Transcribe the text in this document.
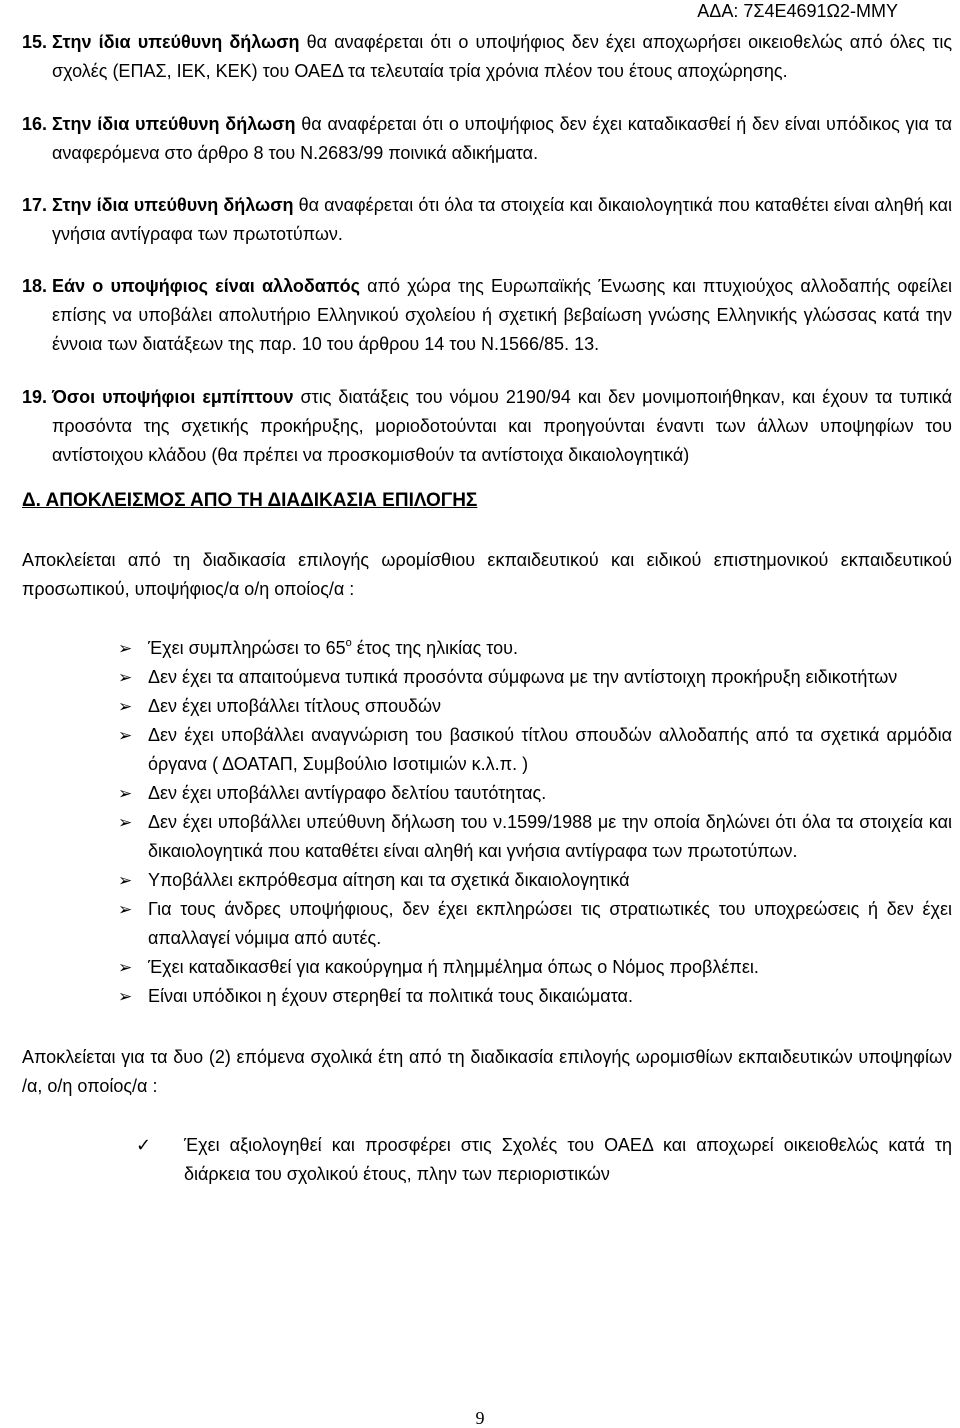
ΑΔΑ: 7Σ4Ε4691Ω2-ΜΜΥ

15. Στην ίδια υπεύθυνη δήλωση θα αναφέρεται ότι ο υποψήφιος δεν έχει αποχωρήσει οικειοθελώς από όλες τις σχολές (ΕΠΑΣ, ΙΕΚ, ΚΕΚ) του ΟΑΕΔ τα τελευταία τρία χρόνια πλέον του έτους αποχώρησης.

16. Στην ίδια υπεύθυνη δήλωση θα αναφέρεται ότι ο υποψήφιος δεν έχει καταδικασθεί ή δεν είναι υπόδικος για τα αναφερόμενα στο άρθρο 8 του Ν.2683/99 ποινικά αδικήματα.

17. Στην ίδια υπεύθυνη δήλωση θα αναφέρεται ότι όλα τα στοιχεία και δικαιολογητικά που καταθέτει είναι αληθή και γνήσια αντίγραφα των πρωτοτύπων.

18. Εάν ο υποψήφιος είναι αλλοδαπός από χώρα της Ευρωπαϊκής Ένωσης και πτυχιούχος αλλοδαπής οφείλει επίσης να υποβάλει απολυτήριο Ελληνικού σχολείου ή σχετική βεβαίωση γνώσης Ελληνικής γλώσσας κατά την έννοια των διατάξεων της παρ. 10 του άρθρου 14 του Ν.1566/85. 13.

19. Όσοι υποψήφιοι εμπίπτουν στις διατάξεις του νόμου 2190/94 και δεν μονιμοποιήθηκαν, και έχουν τα τυπικά προσόντα της σχετικής προκήρυξης, μοριοδοτούνται και προηγούνται έναντι των άλλων υποψηφίων του αντίστοιχου κλάδου (θα πρέπει να προσκομισθούν τα αντίστοιχα δικαιολογητικά)

Δ. ΑΠΟΚΛΕΙΣΜΟΣ ΑΠΟ ΤΗ ΔΙΑΔΙΚΑΣΙΑ ΕΠΙΛΟΓΗΣ

Αποκλείεται από τη διαδικασία επιλογής ωρομίσθιου εκπαιδευτικού και ειδικού επιστημονικού εκπαιδευτικού προσωπικού, υποψήφιος/α ο/η οποίος/α :

➢ Έχει συμπληρώσει το $65^o$ έτος της ηλικίας του.

➢ Δεν έχει τα απαιτούμενα τυπικά προσόντα σύμφωνα με την αντίστοιχη προκήρυξη ειδικοτήτων

➢ Δεν έχει υποβάλλει τίτλους σπουδών

➢ Δεν έχει υποβάλλει αναγνώριση του βασικού τίτλου σπουδών αλλοδαπής από τα σχετικά αρμόδια όργανα ( ΔΟΑΤΑΠ, Συμβούλιο Ισοτιμιών κ.λ.π. )

➢ Δεν έχει υποβάλλει αντίγραφο δελτίου ταυτότητας.

➢ Δεν έχει υποβάλλει υπεύθυνη δήλωση του ν.1599/1988 με την οποία δηλώνει ότι όλα τα στοιχεία και δικαιολογητικά που καταθέτει είναι αληθή και γνήσια αντίγραφα των πρωτοτύπων.

➢ Υποβάλλει εκπρόθεσμα αίτηση και τα σχετικά δικαιολογητικά

➢ Για τους άνδρες υποψήφιους, δεν έχει εκπληρώσει τις στρατιωτικές του υποχρεώσεις ή δεν έχει απαλλαγεί νόμιμα από αυτές.

➢ Έχει καταδικασθεί για κακούργημα ή πλημμέλημα όπως ο Νόμος προβλέπει.

➢ Είναι υπόδικοι η έχουν στερηθεί τα πολιτικά τους δικαιώματα.

Αποκλείεται για τα δυο (2) επόμενα σχολικά έτη από τη διαδικασία επιλογής ωρομισθίων εκπαιδευτικών υποψηφίων /α, ο/η οποίος/α :

✓ Έχει αξιολογηθεί και προσφέρει στις Σχολές του ΟΑΕΔ και αποχωρεί οικειοθελώς κατά τη διάρκεια του σχολικού έτους, πλην των περιοριστικών

9
